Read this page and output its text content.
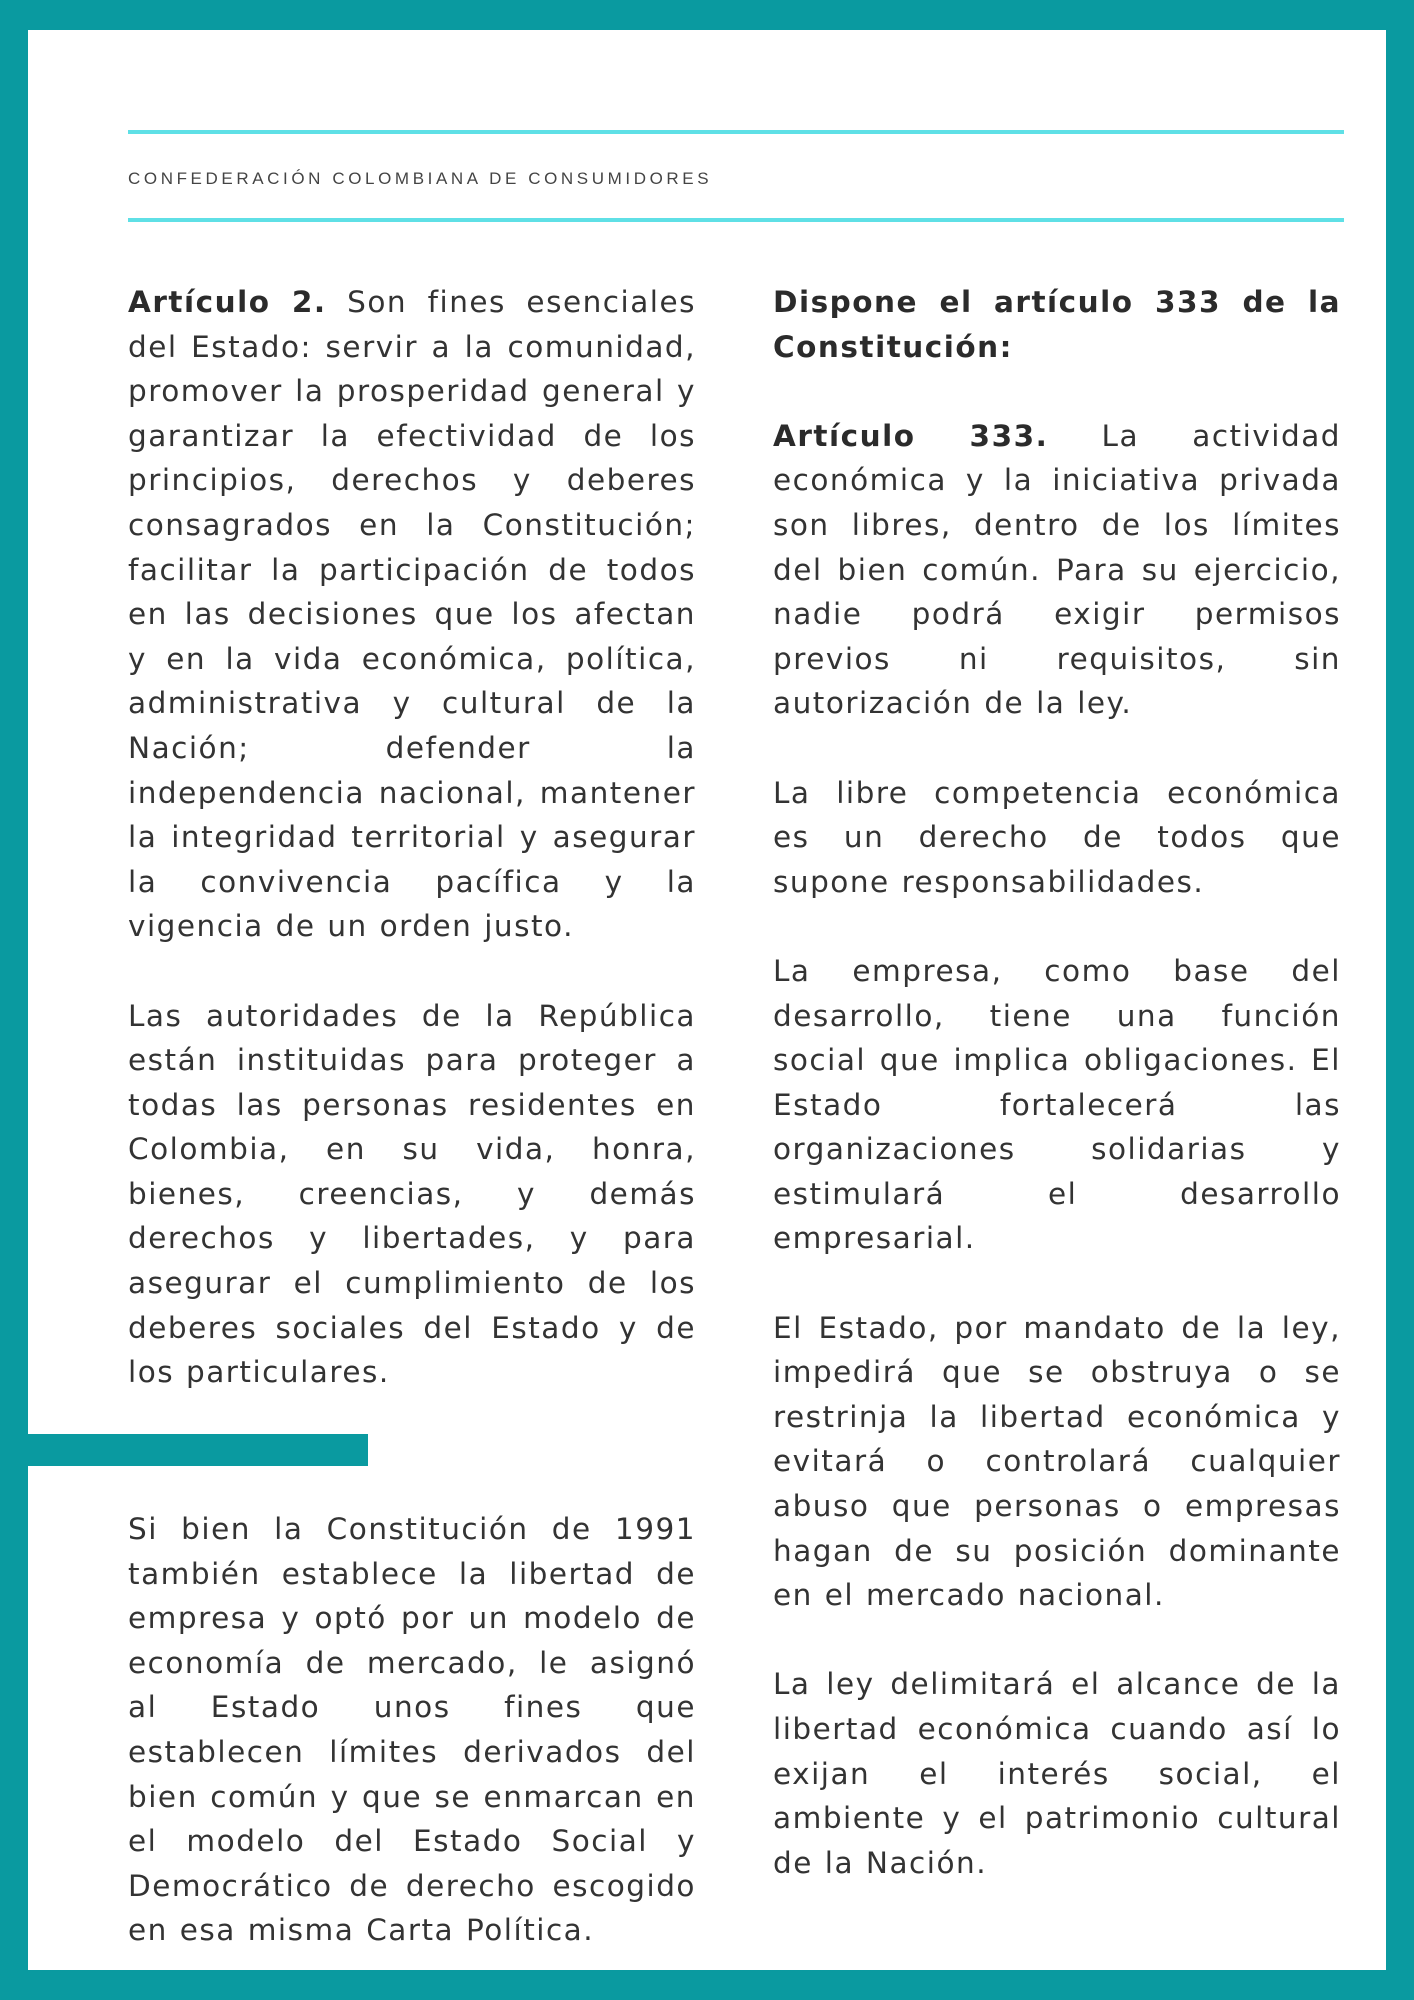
CONFEDERACIÓN COLOMBIANA DE CONSUMIDORES

Artículo 2. Son fines esenciales del Estado: servir a la comunidad, promover la prosperidad general y garantizar la efectividad de los principios, derechos y deberes consagrados en la Constitución; facilitar la participación de todos en las decisiones que los afectan y en la vida económica, política, administrativa y cultural de la Nación; defender la independencia nacional, mantener la integridad territorial y asegurar la convivencia pacífica y la vigencia de un orden justo.

Las autoridades de la República están instituidas para proteger a todas las personas residentes en Colombia, en su vida, honra, bienes, creencias, y demás derechos y libertades, y para asegurar el cumplimiento de los deberes sociales del Estado y de los particulares.

Si bien la Constitución de 1991 también establece la libertad de empresa y optó por un modelo de economía de mercado, le asignó al Estado unos fines que establecen límites derivados del bien común y que se enmarcan en el modelo del Estado Social y Democrático de derecho escogido en esa misma Carta Política.

Dispone el artículo 333 de la Constitución:

Artículo 333. La actividad económica y la iniciativa privada son libres, dentro de los límites del bien común. Para su ejercicio, nadie podrá exigir permisos previos ni requisitos, sin autorización de la ley.

La libre competencia económica es un derecho de todos que supone responsabilidades.

La empresa, como base del desarrollo, tiene una función social que implica obligaciones. El Estado fortalecerá las organizaciones solidarias y estimulará el desarrollo empresarial.

El Estado, por mandato de la ley, impedirá que se obstruya o se restrinja la libertad económica y evitará o controlará cualquier abuso que personas o empresas hagan de su posición dominante en el mercado nacional.

La ley delimitará el alcance de la libertad económica cuando así lo exijan el interés social, el ambiente y el patrimonio cultural de la Nación.
